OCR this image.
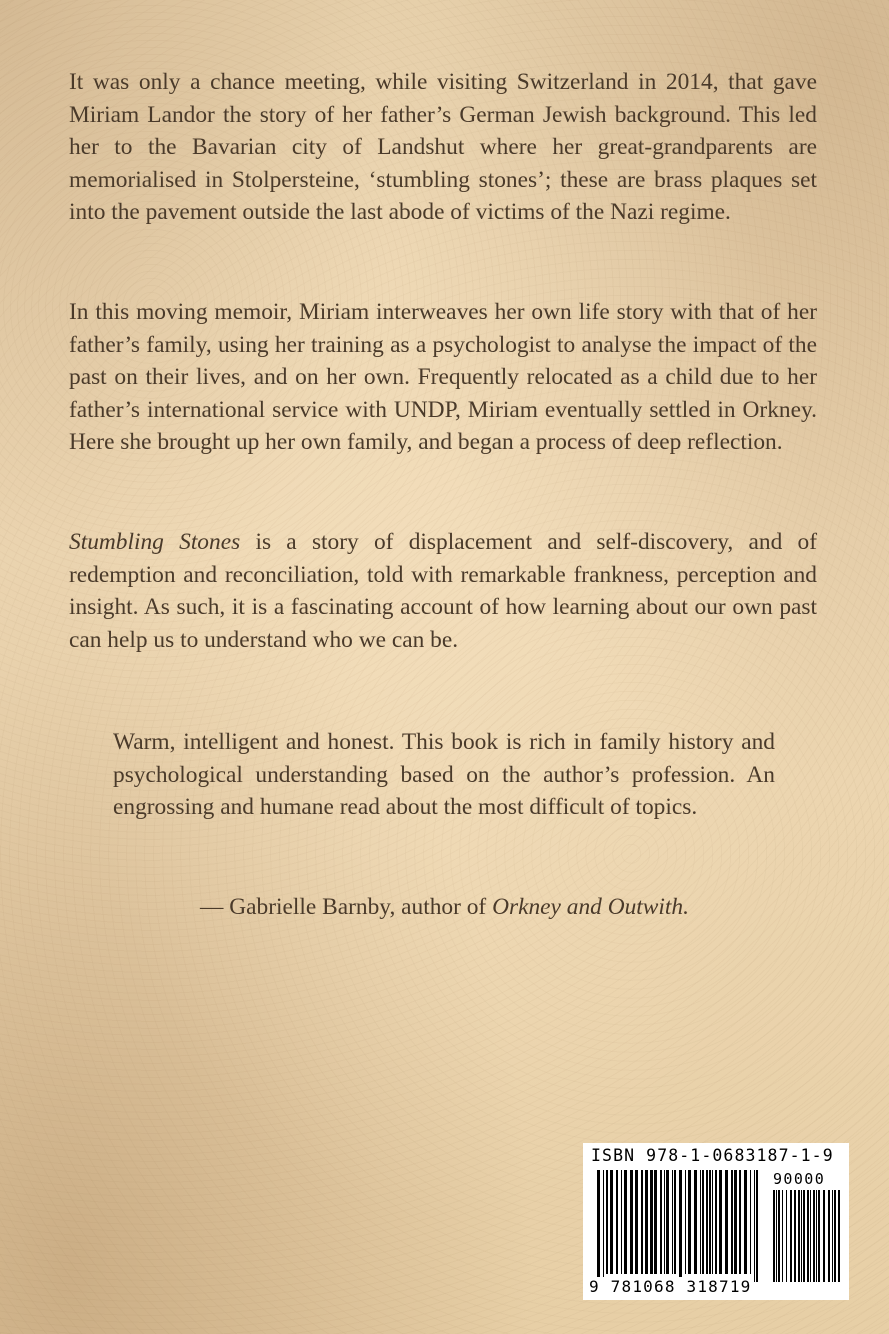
It was only a chance meeting, while visiting Switzerland in 2014, that gave Miriam Landor the story of her father’s German Jewish background. This led her to the Bavarian city of Landshut where her great-grandparents are memorialised in Stolpersteine, ‘stumbling stones’; these are brass plaques set into the pavement outside the last abode of victims of the Nazi regime.

In this moving memoir, Miriam interweaves her own life story with that of her father’s family, using her training as a psychologist to analyse the impact of the past on their lives, and on her own. Frequently relocated as a child due to her father’s international service with UNDP, Miriam eventually settled in Orkney. Here she brought up her own family, and began a process of deep reflection.

Stumbling Stones is a story of displacement and self-discovery, and of redemption and reconciliation, told with remarkable frankness, perception and insight. As such, it is a fascinating account of how learning about our own past can help us to understand who we can be.

Warm, intelligent and honest. This book is rich in family history and psychological understanding based on the author’s profession. An engrossing and humane read about the most difficult of topics.

— Gabrielle Barnby, author of Orkney and Outwith.
ISBN 978-1-0683187-1-9
90000
9 781068 318719
